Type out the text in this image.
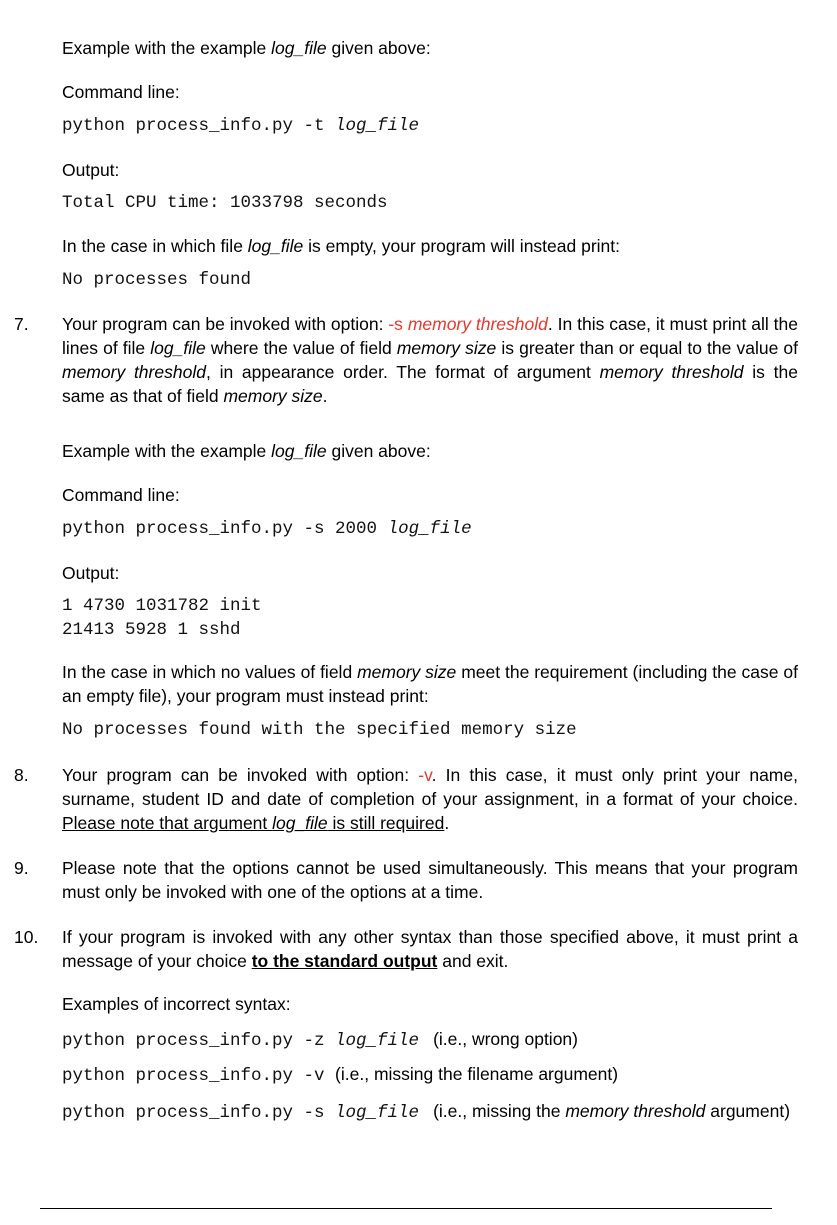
Example with the example log_file given above:
Command line:
python process_info.py -t log_file
Output:
Total CPU time: 1033798 seconds
In the case in which file log_file is empty, your program will instead print:
No processes found
7. Your program can be invoked with option: -s memory threshold. In this case, it must print all the lines of file log_file where the value of field memory size is greater than or equal to the value of memory threshold, in appearance order. The format of argument memory threshold is the same as that of field memory size.
Example with the example log_file given above:
Command line:
python process_info.py -s 2000 log_file
Output:
1 4730 1031782 init
21413 5928 1 sshd
In the case in which no values of field memory size meet the requirement (including the case of an empty file), your program must instead print:
No processes found with the specified memory size
8. Your program can be invoked with option: -v. In this case, it must only print your name, surname, student ID and date of completion of your assignment, in a format of your choice. Please note that argument log_file is still required.
9. Please note that the options cannot be used simultaneously. This means that your program must only be invoked with one of the options at a time.
10. If your program is invoked with any other syntax than those specified above, it must print a message of your choice to the standard output and exit.
Examples of incorrect syntax:
python process_info.py -z log_file (i.e., wrong option)
python process_info.py -v (i.e., missing the filename argument)
python process_info.py -s log_file (i.e., missing the memory threshold argument)
